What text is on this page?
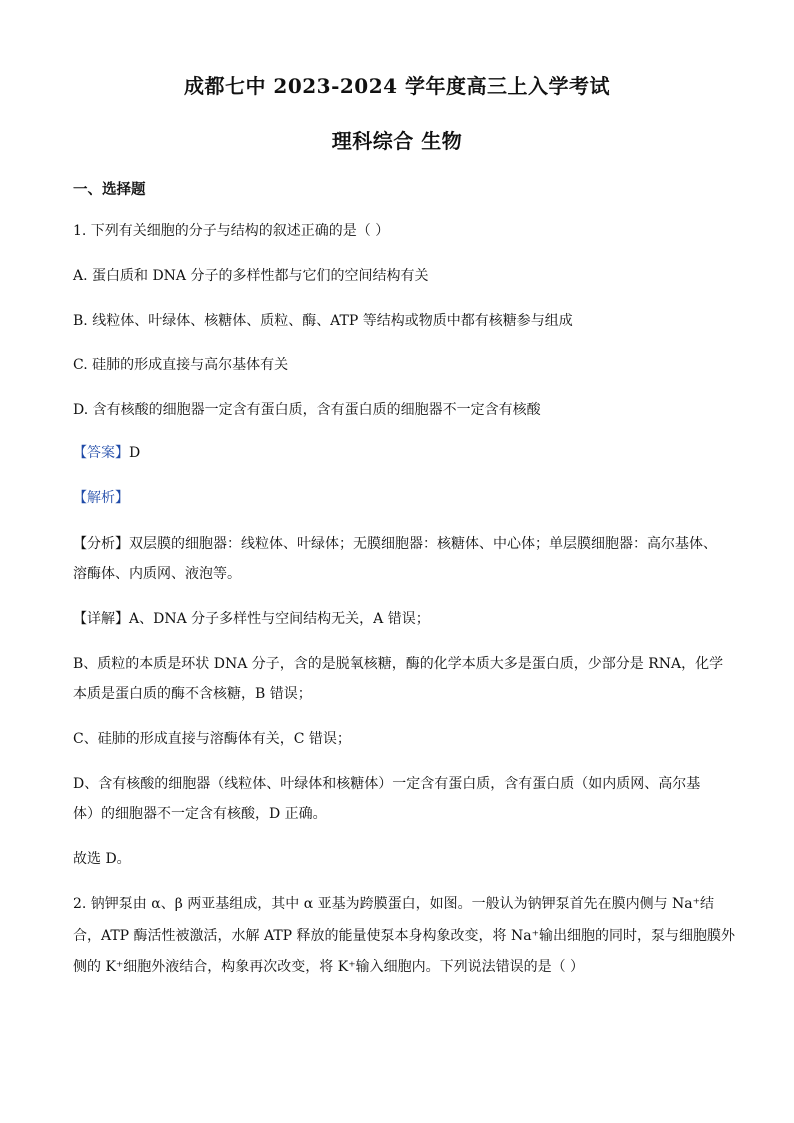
成都七中 2023-2024 学年度高三上入学考试
理科综合 生物
一、选择题
1. 下列有关细胞的分子与结构的叙述正确的是（ ）
A. 蛋白质和 DNA 分子的多样性都与它们的空间结构有关
B. 线粒体、叶绿体、核糖体、质粒、酶、ATP 等结构或物质中都有核糖参与组成
C. 硅肺的形成直接与高尔基体有关
D. 含有核酸的细胞器一定含有蛋白质，含有蛋白质的细胞器不一定含有核酸
【答案】D
【解析】
【分析】双层膜的细胞器：线粒体、叶绿体；无膜细胞器：核糖体、中心体；单层膜细胞器：高尔基体、
溶酶体、内质网、液泡等。
【详解】A、DNA 分子多样性与空间结构无关，A 错误；
B、质粒的本质是环状 DNA 分子，含的是脱氧核糖，酶的化学本质大多是蛋白质，少部分是 RNA，化学
本质是蛋白质的酶不含核糖，B 错误；
C、硅肺的形成直接与溶酶体有关，C 错误；
D、含有核酸的细胞器（线粒体、叶绿体和核糖体）一定含有蛋白质，含有蛋白质（如内质网、高尔基
体）的细胞器不一定含有核酸，D 正确。
故选 D。
2. 钠钾泵由 α、β 两亚基组成，其中 α 亚基为跨膜蛋白，如图。一般认为钠钾泵首先在膜内侧与 Na⁺结
合，ATP 酶活性被激活，水解 ATP 释放的能量使泵本身构象改变，将 Na⁺输出细胞的同时，泵与细胞膜外
侧的 K⁺细胞外液结合，构象再次改变，将 K⁺输入细胞内。下列说法错误的是（ ）
